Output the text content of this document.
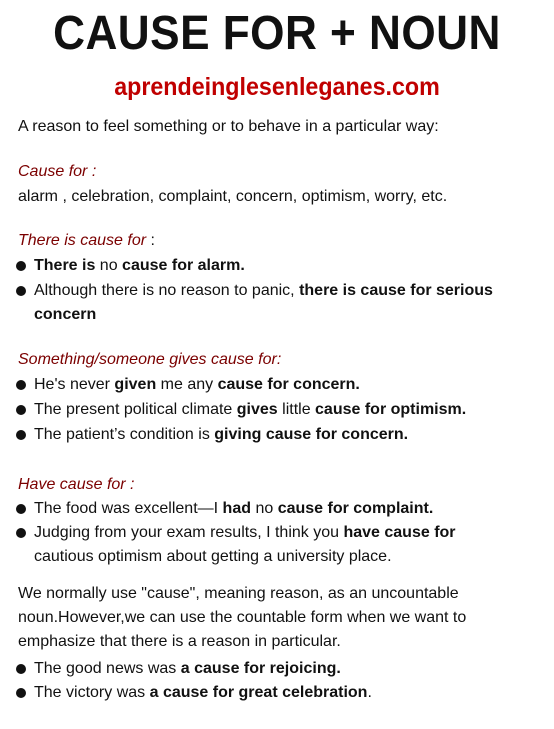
CAUSE FOR + NOUN
aprendeinglesenleganes.com
A reason to feel something or to behave in a particular way:
Cause for :
alarm , celebration, complaint, concern, optimism, worry, etc.
There is cause for :
There is no cause for alarm.
Although there is no reason to panic, there is cause for serious
concern
Something/someone gives cause for:
He's never given me any cause for concern.
The present political climate gives little cause for optimism.
The patient’s condition is giving cause for concern.
Have cause for :
The food was excellent—I had no cause for complaint.
Judging from your exam results, I think you have cause for
cautious optimism about getting a university place.
We normally use "cause", meaning reason, as an uncountable
noun.However,we can use the countable form when we want to
emphasize that there is a reason in particular.
The good news was a cause for rejoicing.
The victory was a cause for great celebration.
